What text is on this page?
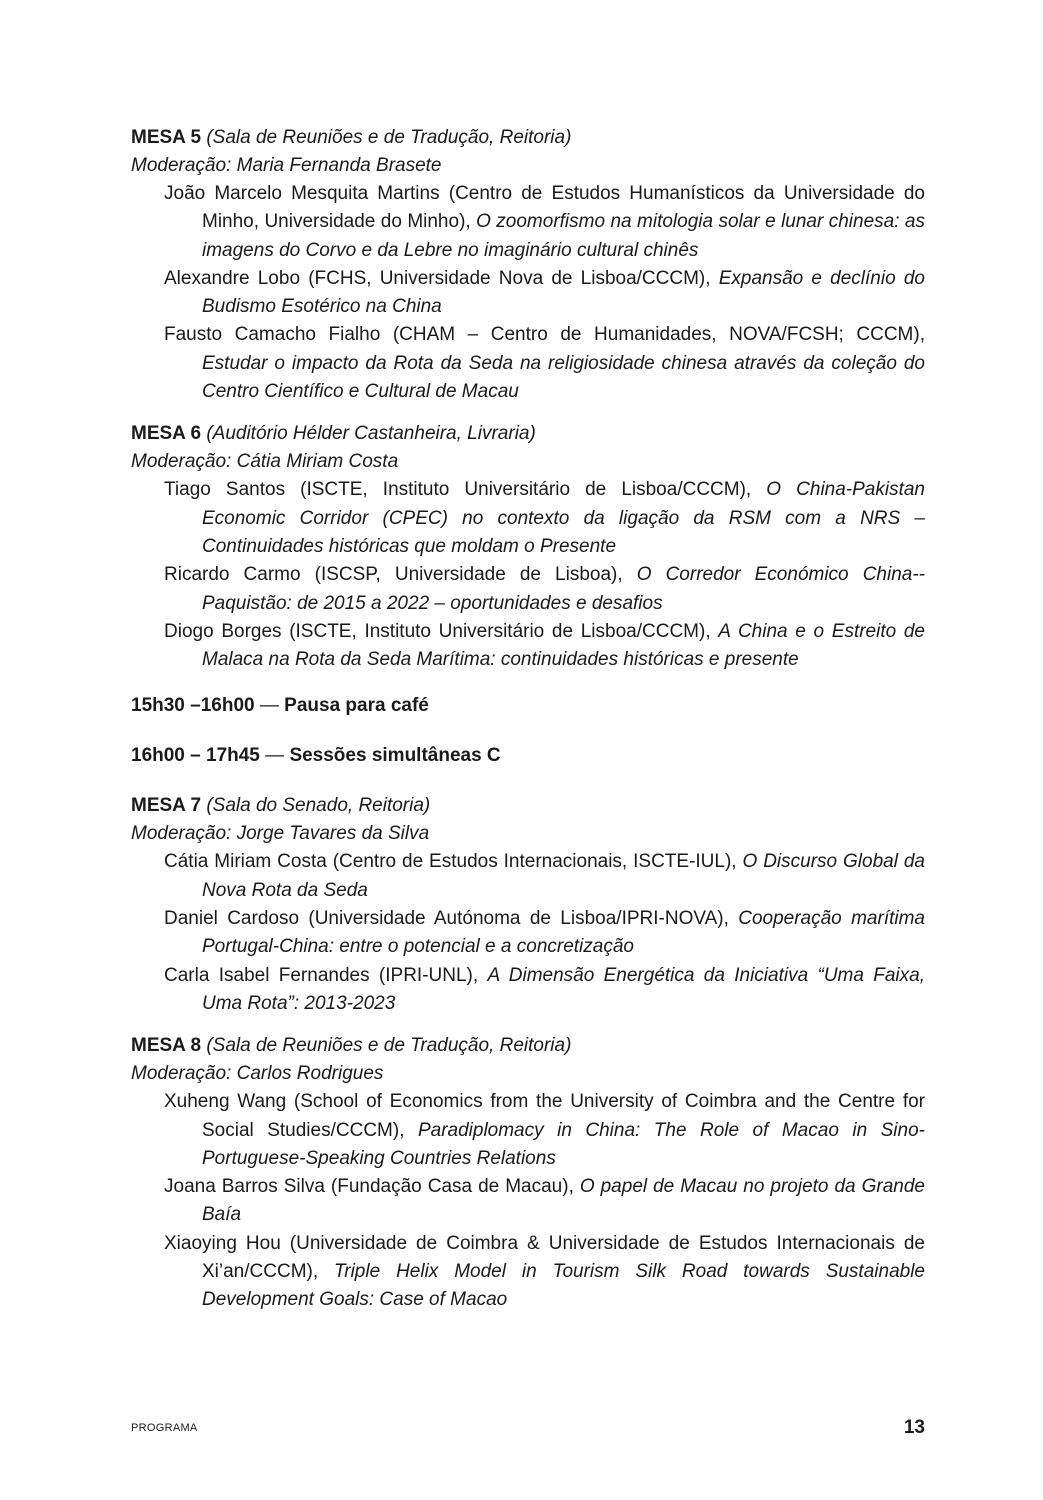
MESA 5 (Sala de Reuniões e de Tradução, Reitoria)
Moderação: Maria Fernanda Brasete
João Marcelo Mesquita Martins (Centro de Estudos Humanísticos da Universidade do Minho, Universidade do Minho), O zoomorfismo na mitologia solar e lunar chinesa: as imagens do Corvo e da Lebre no imaginário cultural chinês
Alexandre Lobo (FCHS, Universidade Nova de Lisboa/CCCM), Expansão e declínio do Budismo Esotérico na China
Fausto Camacho Fialho (CHAM – Centro de Humanidades, NOVA/FCSH; CCCM), Estudar o impacto da Rota da Seda na religiosidade chinesa através da coleção do Centro Científico e Cultural de Macau
MESA 6 (Auditório Hélder Castanheira, Livraria)
Moderação: Cátia Miriam Costa
Tiago Santos (ISCTE, Instituto Universitário de Lisboa/CCCM), O China-Pakistan Economic Corridor (CPEC) no contexto da ligação da RSM com a NRS – Continuidades históricas que moldam o Presente
Ricardo Carmo (ISCSP, Universidade de Lisboa), O Corredor Económico China--Paquistão: de 2015 a 2022 – oportunidades e desafios
Diogo Borges (ISCTE, Instituto Universitário de Lisboa/CCCM), A China e o Estreito de Malaca na Rota da Seda Marítima: continuidades históricas e presente
15h30 –16h00 — Pausa para café
16h00 – 17h45 — Sessões simultâneas C
MESA 7 (Sala do Senado, Reitoria)
Moderação: Jorge Tavares da Silva
Cátia Miriam Costa (Centro de Estudos Internacionais, ISCTE-IUL), O Discurso Global da Nova Rota da Seda
Daniel Cardoso (Universidade Autónoma de Lisboa/IPRI-NOVA), Cooperação marítima Portugal-China: entre o potencial e a concretização
Carla Isabel Fernandes (IPRI-UNL), A Dimensão Energética da Iniciativa “Uma Faixa, Uma Rota”: 2013-2023
MESA 8 (Sala de Reuniões e de Tradução, Reitoria)
Moderação: Carlos Rodrigues
Xuheng Wang (School of Economics from the University of Coimbra and the Centre for Social Studies/CCCM), Paradiplomacy in China: The Role of Macao in Sino-Portuguese-Speaking Countries Relations
Joana Barros Silva (Fundação Casa de Macau), O papel de Macau no projeto da Grande Baía
Xiaoying Hou (Universidade de Coimbra & Universidade de Estudos Internacionais de Xi’an/CCCM), Triple Helix Model in Tourism Silk Road towards Sustainable Development Goals: Case of Macao
PROGRAMA	13
